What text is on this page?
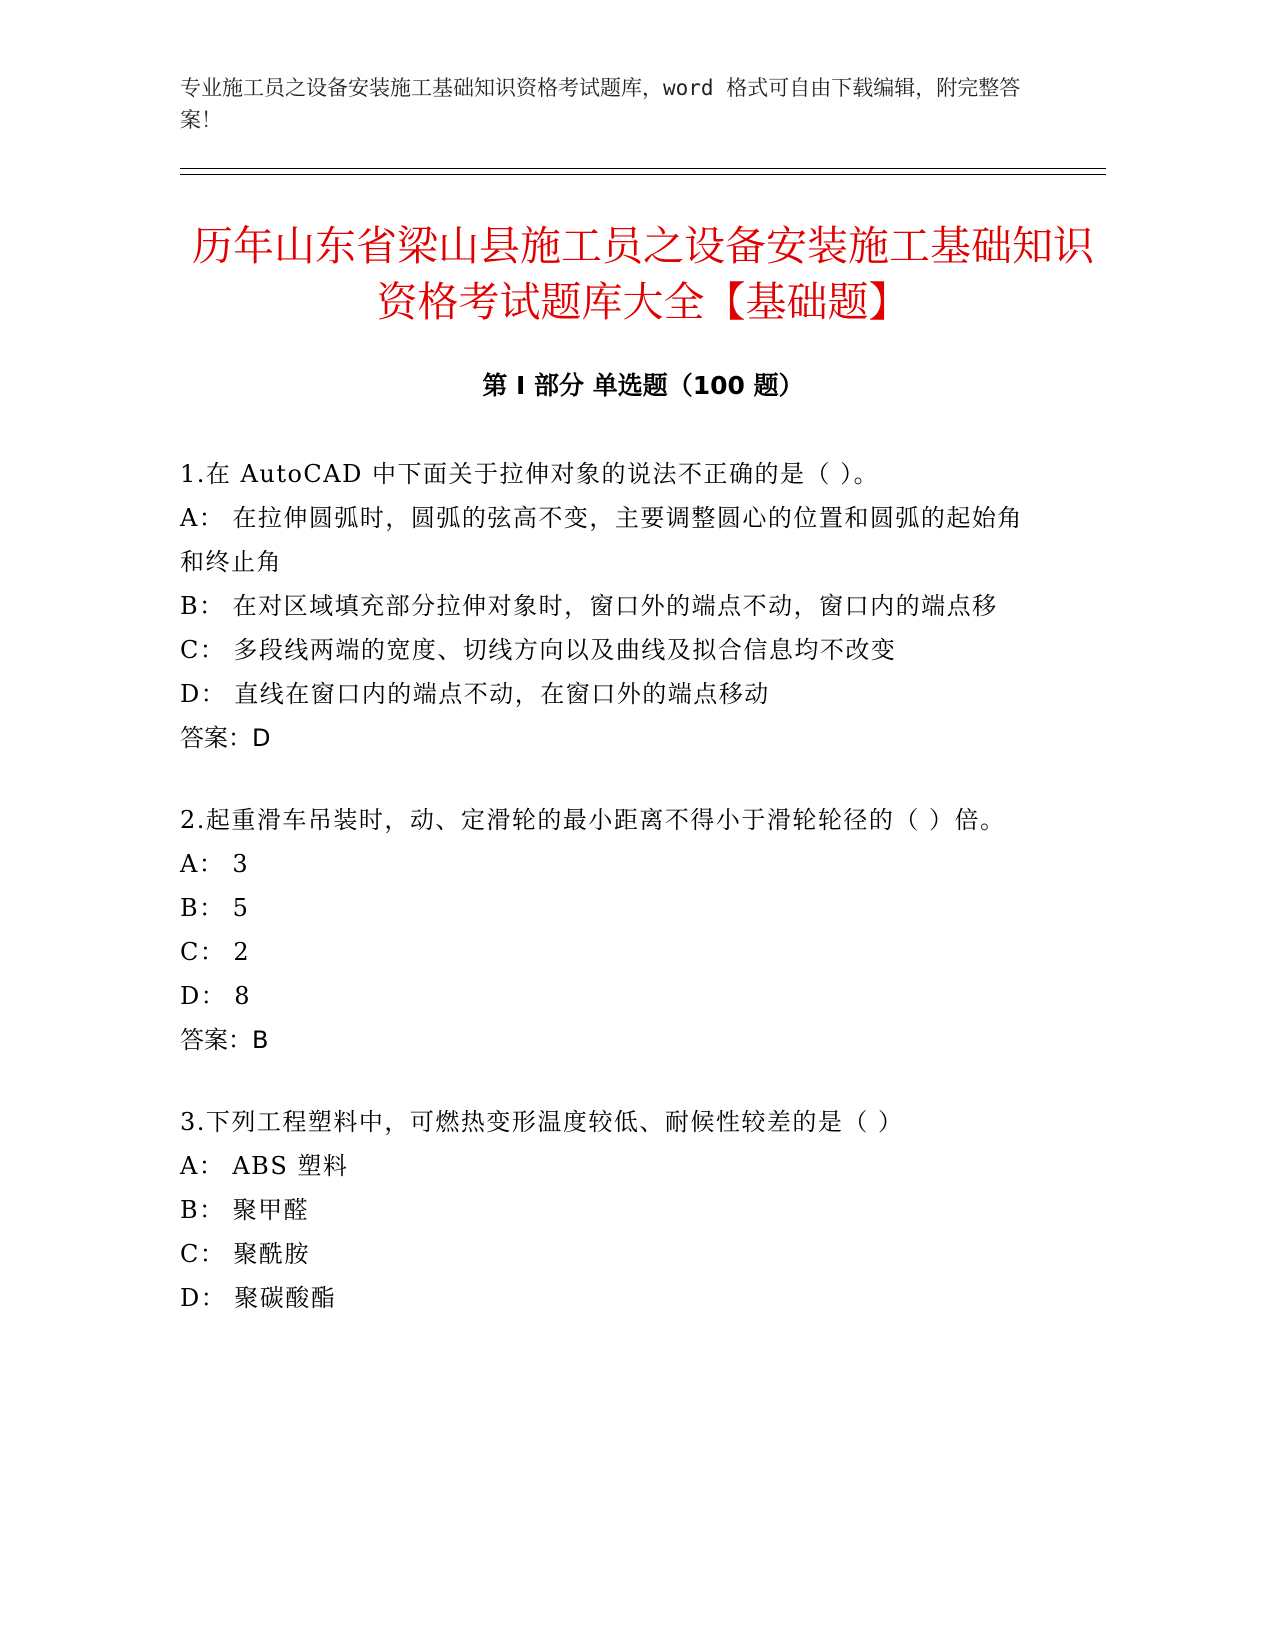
专业施工员之设备安装施工基础知识资格考试题库，word 格式可自由下载编辑，附完整答案！
历年山东省梁山县施工员之设备安装施工基础知识资格考试题库大全【基础题】
第 I 部分 单选题（100 题）

1.在 AutoCAD 中下面关于拉伸对象的说法不正确的是（ ）。

A： 在拉伸圆弧时，圆弧的弦高不变，主要调整圆心的位置和圆弧的起始角和终止角

B： 在对区域填充部分拉伸对象时，窗口外的端点不动，窗口内的端点移

C： 多段线两端的宽度、切线方向以及曲线及拟合信息均不改变

D： 直线在窗口内的端点不动，在窗口外的端点移动

答案：D

2.起重滑车吊装时，动、定滑轮的最小距离不得小于滑轮轮径的（ ）倍。

A： 3

B： 5

C： 2

D： 8

答案：B

3.下列工程塑料中，可燃热变形温度较低、耐候性较差的是（ ）

A： ABS 塑料

B： 聚甲醛

C： 聚酰胺

D： 聚碳酸酯
